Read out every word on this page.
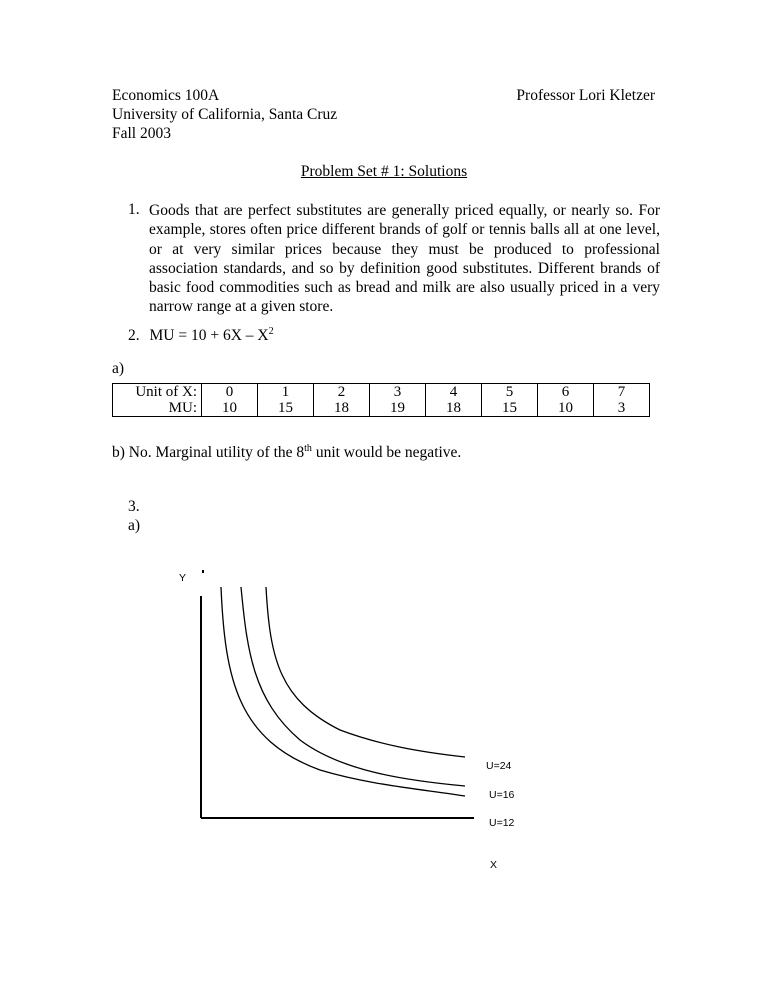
Economics 100A
University of California, Santa Cruz
Fall 2003
Professor Lori Kletzer
Problem Set # 1: Solutions
1. Goods that are perfect substitutes are generally priced equally, or nearly so. For example, stores often price different brands of golf or tennis balls all at one level, or at very similar prices because they must be produced to professional association standards, and so by definition good substitutes. Different brands of basic food commodities such as bread and milk are also usually priced in a very narrow range at a given store.
2. MU = $10 + 6X - X^2$
a)
Unit of X:	0	1	2	3	4	5	6	7
MU:	10	15	18	19	18	15	10	3
b) No. Marginal utility of the 8th unit would be negative.
3.
a)
Y
X
U=24
U=16
U=12
